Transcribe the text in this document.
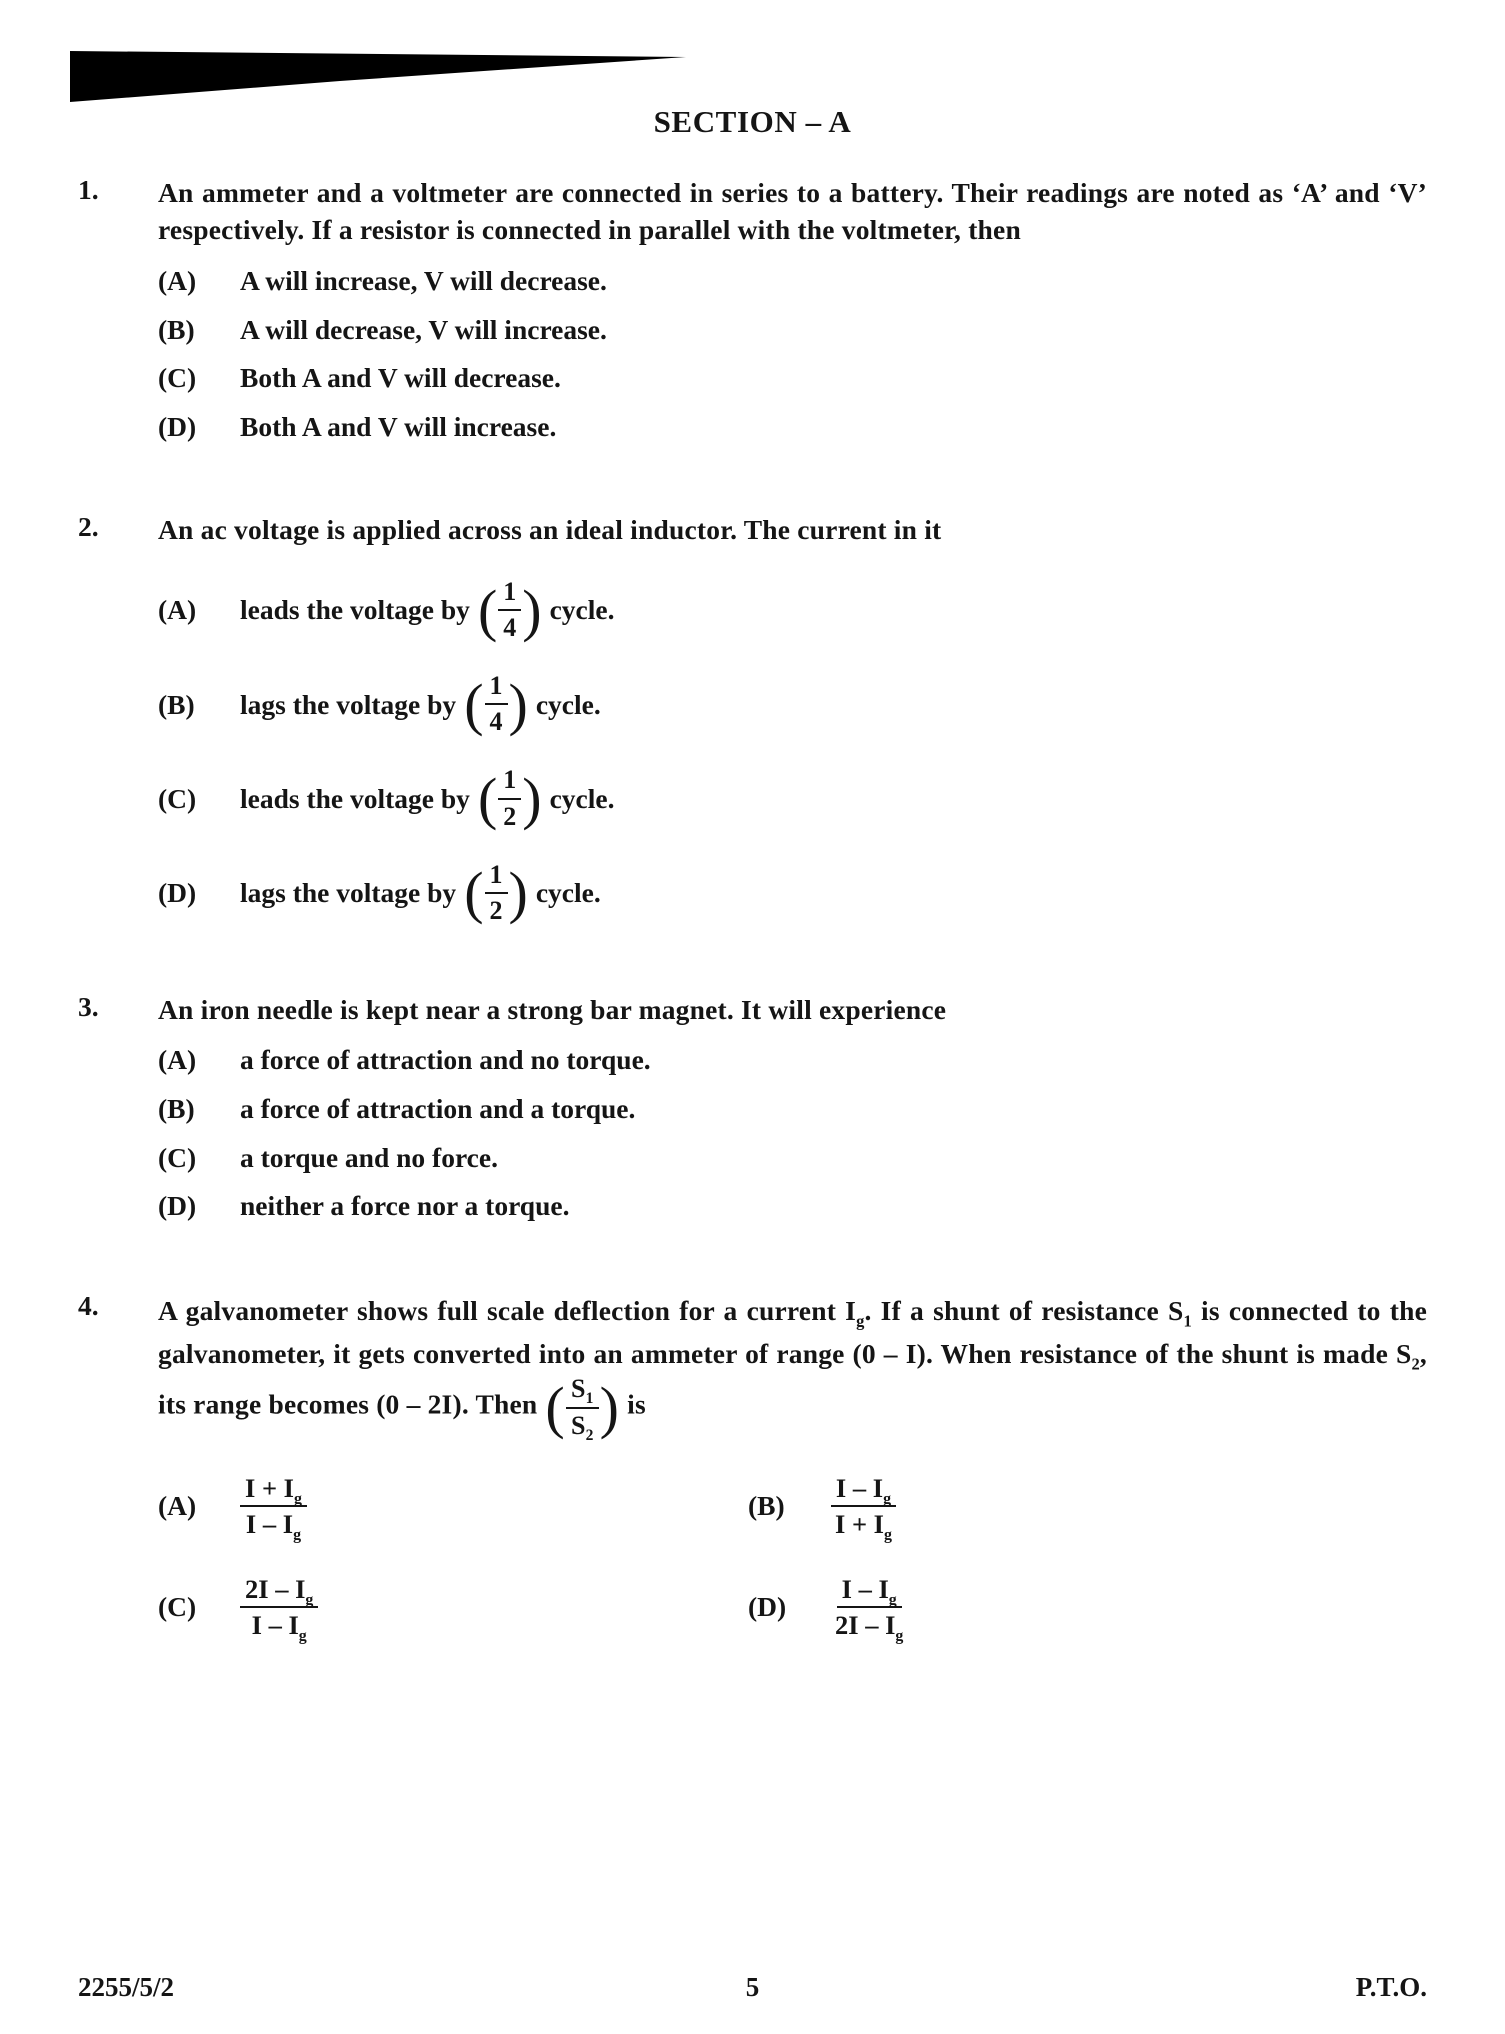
SECTION – A
1.	An ammeter and a voltmeter are connected in series to a battery. Their readings are noted as ‘A’ and ‘V’ respectively. If a resistor is connected in parallel with the voltmeter, then

(A)	A will increase, V will decrease.
(B)	A will decrease, V will increase.
(C)	Both A and V will decrease.
(D)	Both A and V will increase.
2.	An ac voltage is applied across an ideal inductor. The current in it

(A)	leads the voltage by ( $\frac{1}{4}$ ) cycle.
(B)	lags the voltage by ( $\frac{1}{4}$ ) cycle.
(C)	leads the voltage by ( $\frac{1}{2}$ ) cycle.
(D)	lags the voltage by ( $\frac{1}{2}$ ) cycle.
3.	An iron needle is kept near a strong bar magnet. It will experience

(A)	a force of attraction and no torque.
(B)	a force of attraction and a torque.
(C)	a torque and no force.
(D)	neither a force nor a torque.
4.	A galvanometer shows full scale deflection for a current $I_g$. If a shunt of resistance $S_1$ is connected to the galvanometer, it gets converted into an ammeter of range (0 – I). When resistance of the shunt is made $S_2$, its range becomes (0 – 2I). Then ( $\frac{S_1}{S_2}$ ) is

(A)	$\frac{I + I_g}{I - I_g}$	(B)	$\frac{I - I_g}{I + I_g}$
(C)	$\frac{2I - I_g}{I - I_g}$	(D)	$\frac{I - I_g}{2I - I_g}$
2255/5/2	5	P.T.O.
